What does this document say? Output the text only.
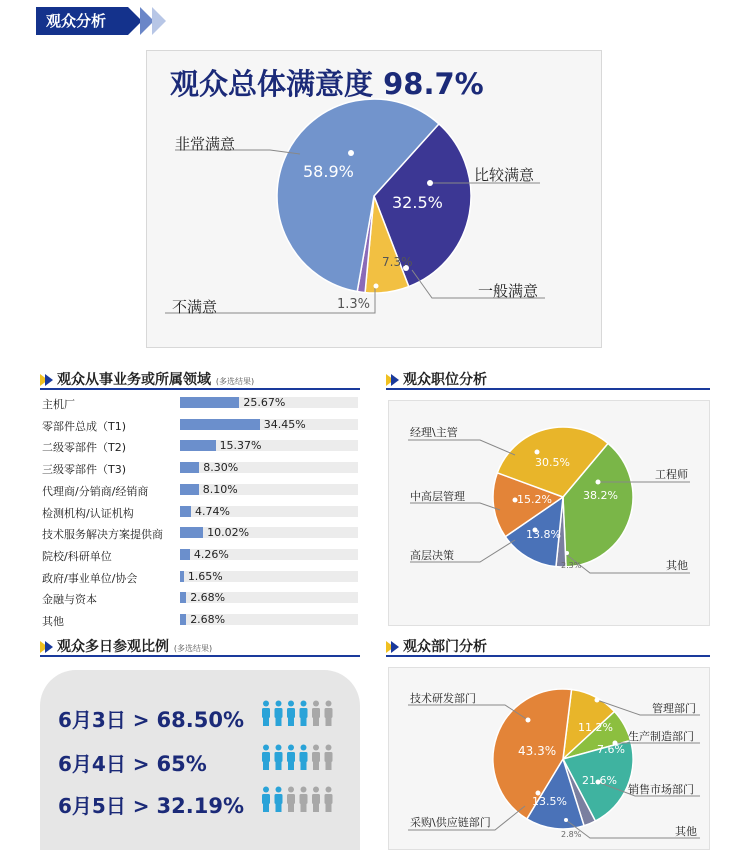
观众分析
观众总体满意度 98.7%
非常满意
比较满意
一般满意
不满意
58.9%
32.5%
7.3%
1.3%
观众从事业务或所属领域 (多选结果)
主机厂	25.67%
零部件总成（T1)	34.45%
二级零部件（T2)	15.37%
三级零部件（T3)	8.30%
代理商/分销商/经销商	8.10%
检测机构/认证机构	4.74%
技术服务解决方案提供商	10.02%
院校/科研单位	4.26%
政府/事业单位/协会	1.65%
金融与资本	2.68%
其他	2.68%
观众职位分析
经理\主管
中高层管理
高层决策
工程师
其他
30.5%
15.2%
13.8%
38.2%
2.3%
观众多日参观比例 (多选结果)
6月3日 > 68.50%
6月4日 > 65%
6月5日 > 32.19%
观众部门分析
技术研发部门
管理部门
生产制造部门
销售市场部门
其他
采购\供应链部门
43.3%
11.2%
7.6%
21.6%
13.5%
2.8%
